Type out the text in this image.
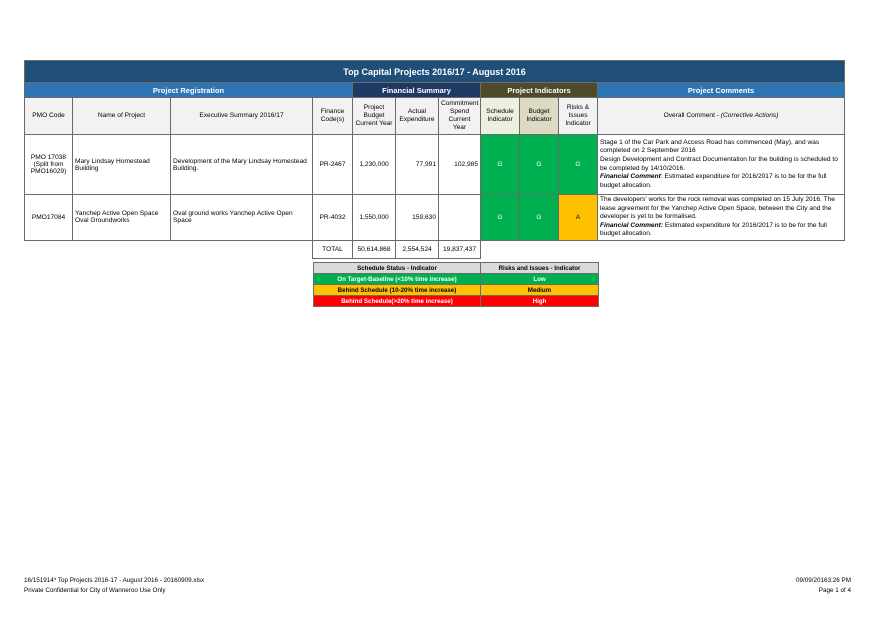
Top Capital Projects 2016/17 - August 2016										
Project Registration				Financial Summary			Project Indicators			Project Comments
PMO Code	Name of Project	Executive Summary 2016/17	Finance Code(s)	Project Budget Current Year	Actual Expenditure	Commitment Spend Current Year	Schedule Indicator	Budget Indicator	Risks & Issues Indicator	Overall Comment - (Corrective Actions)
PMO 17038 (Split from PMO16029)	Mary Lindsay Homestead Building	Development of the Mary Lindsay Homestead Building.	PR-2467	1,230,000	77,991	102,985	G	G	G	Stage 1 of the Car Park and Access Road has commenced (May), and was completed on 2 September 2016
Design Development and Contract Documentation for the building is scheduled to be completed by 14/10/2016.
Financial Comment: Estimated expenditure for 2016/2017 is to be for the full budget allocation.

PMO17084	Yanchep Active Open Space Oval Groundworks	Oval ground works Yanchep Active Open Space	PR-4032	1,550,000	159,630		G	G	A	The developers' works for the rock removal was completed on 15 July 2016. The lease agreement for the Yanchep Active Open Space, between the City and the developer is yet to be formalised.
Financial Comment: Estimated expenditure for 2016/2017 is to be for the full budget allocation.

			TOTAL	50,614,868	2,554,524	19,837,437				
Schedule Status - Indicator	Risks and Issues - Indicator
On Target-Baseline (<10% time increase)	Low
Behind Schedule (10-20% time increase)	Medium
Behind Schedule(>20% time increase)	High
16/151914* Top Projects 2016-17 - August 2016 - 20160909.xlsx
Private Confidential for City of Wanneroo Use Only
09/09/20163:26 PM
Page 1 of 4
